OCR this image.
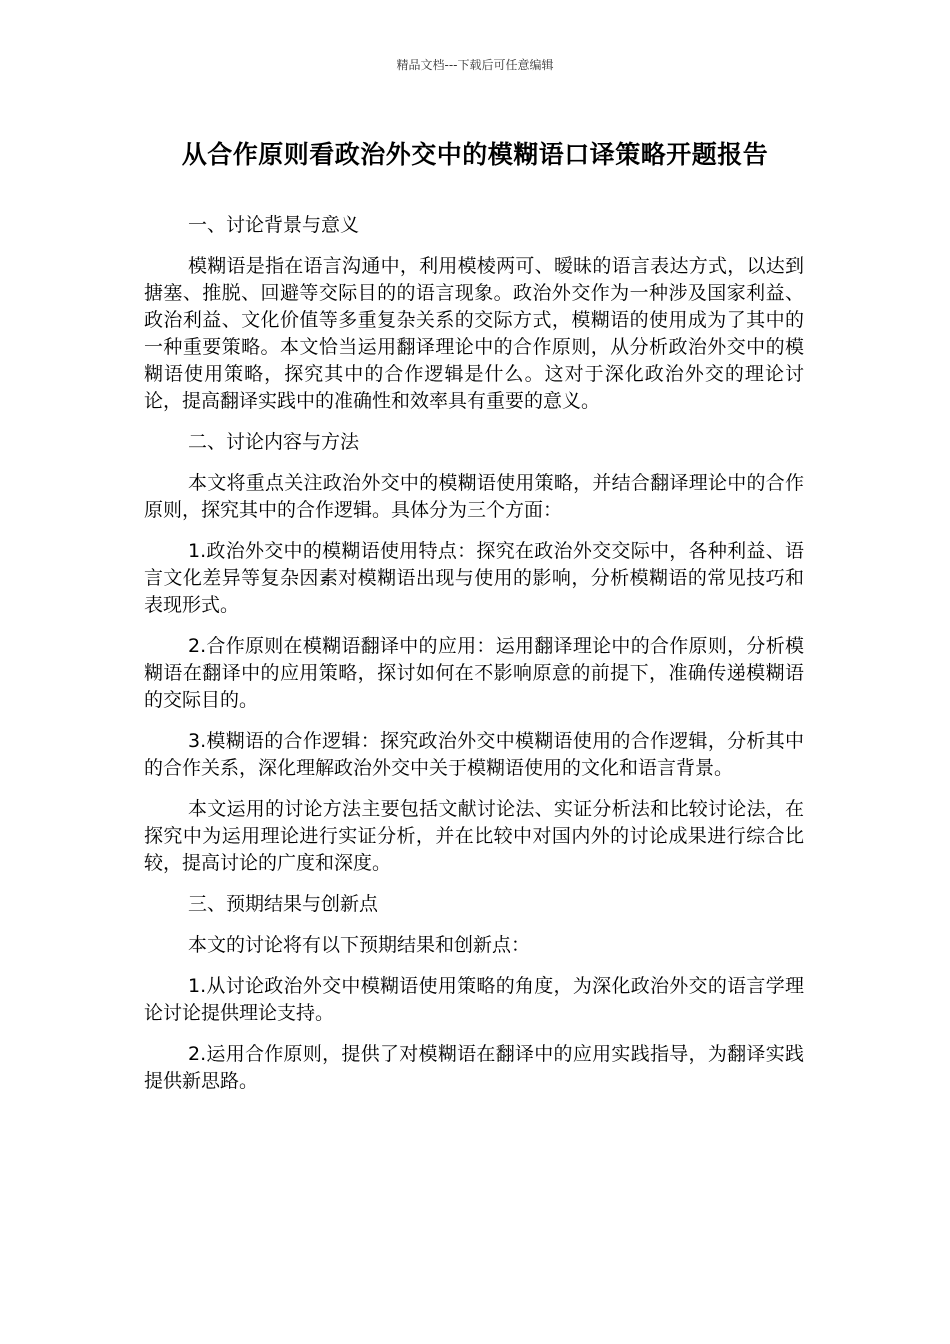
精品文档---下载后可任意编辑
从合作原则看政治外交中的模糊语口译策略开题报告

一、讨论背景与意义

模糊语是指在语言沟通中，利用模棱两可、暧昧的语言表达方式，以达到搪塞、推脱、回避等交际目的的语言现象。政治外交作为一种涉及国家利益、政治利益、文化价值等多重复杂关系的交际方式，模糊语的使用成为了其中的一种重要策略。本文恰当运用翻译理论中的合作原则，从分析政治外交中的模糊语使用策略，探究其中的合作逻辑是什么。这对于深化政治外交的理论讨论，提高翻译实践中的准确性和效率具有重要的意义。

二、讨论内容与方法

本文将重点关注政治外交中的模糊语使用策略，并结合翻译理论中的合作原则，探究其中的合作逻辑。具体分为三个方面：

1.政治外交中的模糊语使用特点：探究在政治外交交际中，各种利益、语言文化差异等复杂因素对模糊语出现与使用的影响，分析模糊语的常见技巧和表现形式。

2.合作原则在模糊语翻译中的应用：运用翻译理论中的合作原则，分析模糊语在翻译中的应用策略，探讨如何在不影响原意的前提下，准确传递模糊语的交际目的。

3.模糊语的合作逻辑：探究政治外交中模糊语使用的合作逻辑，分析其中的合作关系，深化理解政治外交中关于模糊语使用的文化和语言背景。

本文运用的讨论方法主要包括文献讨论法、实证分析法和比较讨论法，在探究中为运用理论进行实证分析，并在比较中对国内外的讨论成果进行综合比较，提高讨论的广度和深度。

三、预期结果与创新点

本文的讨论将有以下预期结果和创新点：

1.从讨论政治外交中模糊语使用策略的角度，为深化政治外交的语言学理论讨论提供理论支持。

2.运用合作原则，提供了对模糊语在翻译中的应用实践指导，为翻译实践提供新思路。
